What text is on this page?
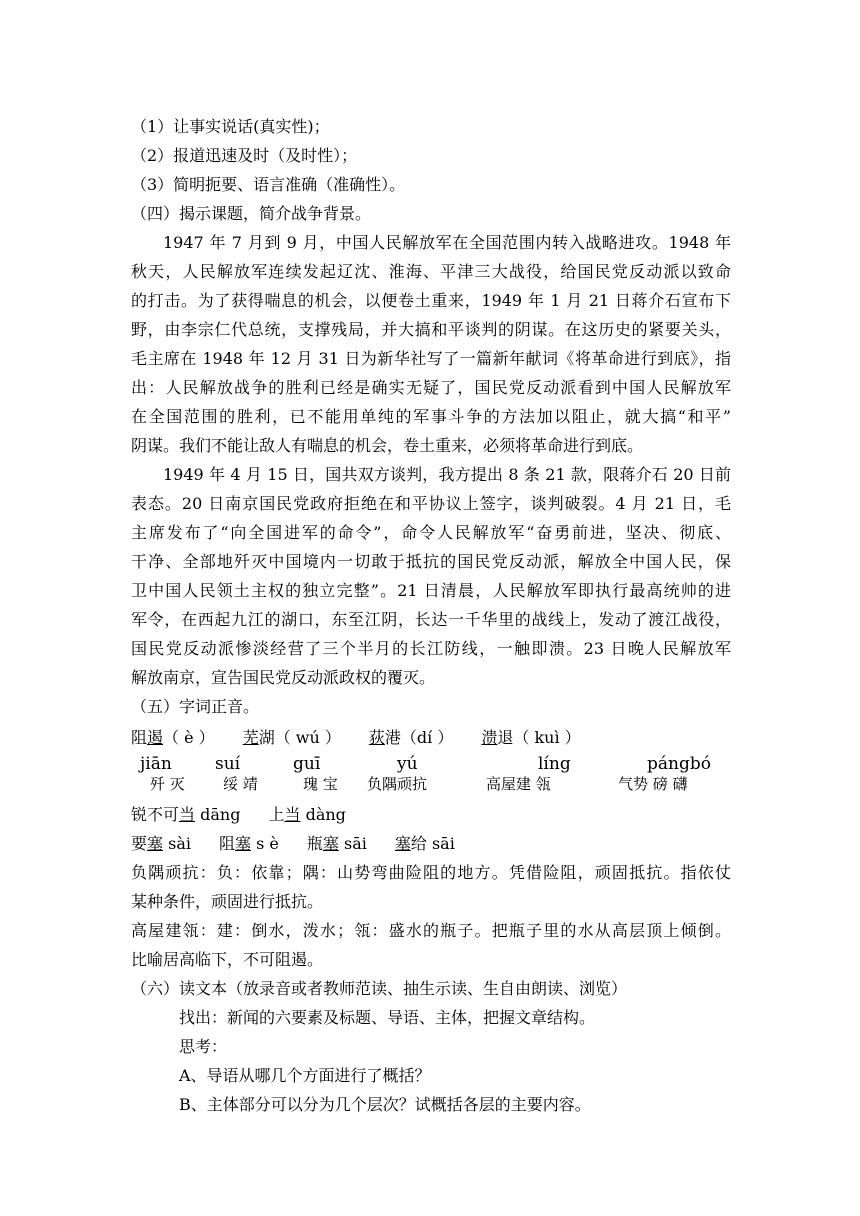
（1）让事实说话(真实性)；
（2）报道迅速及时（及时性）；
（3）简明扼要、语言准确（准确性）。
（四）揭示课题，简介战争背景。
1947 年 7 月到 9 月，中国人民解放军在全国范围内转入战略进攻。1948 年
秋天，人民解放军连续发起辽沈、淮海、平津三大战役，给国民党反动派以致命
的打击。为了获得喘息的机会，以便卷土重来，1949 年 1 月 21 日蒋介石宣布下
野，由李宗仁代总统，支撑残局，并大搞和平谈判的阴谋。在这历史的紧要关头，
毛主席在 1948 年 12 月 31 日为新华社写了一篇新年献词《将革命进行到底》，指
出：人民解放战争的胜利已经是确实无疑了，国民党反动派看到中国人民解放军
在全国范围的胜利，已不能用单纯的军事斗争的方法加以阻止，就大搞“和平”
阴谋。我们不能让敌人有喘息的机会，卷土重来，必须将革命进行到底。
1949 年 4 月 15 日，国共双方谈判，我方提出 8 条 21 款，限蒋介石 20 日前
表态。20 日南京国民党政府拒绝在和平协议上签字，谈判破裂。4 月 21 日，毛
主席发布了“向全国进军的命令”，命令人民解放军“奋勇前进，坚决、彻底、
干净、全部地歼灭中国境内一切敢于抵抗的国民党反动派，解放全中国人民，保
卫中国人民领土主权的独立完整”。21 日清晨，人民解放军即执行最高统帅的进
军令，在西起九江的湖口，东至江阴，长达一千华里的战线上，发动了渡江战役，
国民党反动派惨淡经营了三个半月的长江防线，一触即溃。23 日晚人民解放军
解放南京，宣告国民党反动派政权的覆灭。
（五）字词正音。
阻遏（ è ） 芜湖（ wú ） 荻港（dí ） 溃退（ kuì ）
jiān	suí	guī	yú	líng	pángbó
歼 灭	绥 靖	瑰 宝 负隅顽抗	高屋建 瓴	气势 磅 礴
锐不可当 dāng 上当 dàng
要塞 sài 阻塞 s è 瓶塞 sāi 塞给 sāi
负隅顽抗：负：依靠；隅：山势弯曲险阻的地方。凭借险阻，顽固抵抗。指依仗
某种条件，顽固进行抵抗。
高屋建瓴：建：倒水，泼水；瓴：盛水的瓶子。把瓶子里的水从高层顶上倾倒。
比喻居高临下，不可阻遏。
（六）读文本（放录音或者教师范读、抽生示读、生自由朗读、浏览）
找出：新闻的六要素及标题、导语、主体，把握文章结构。
思考：
A、导语从哪几个方面进行了概括？
B、主体部分可以分为几个层次？试概括各层的主要内容。
